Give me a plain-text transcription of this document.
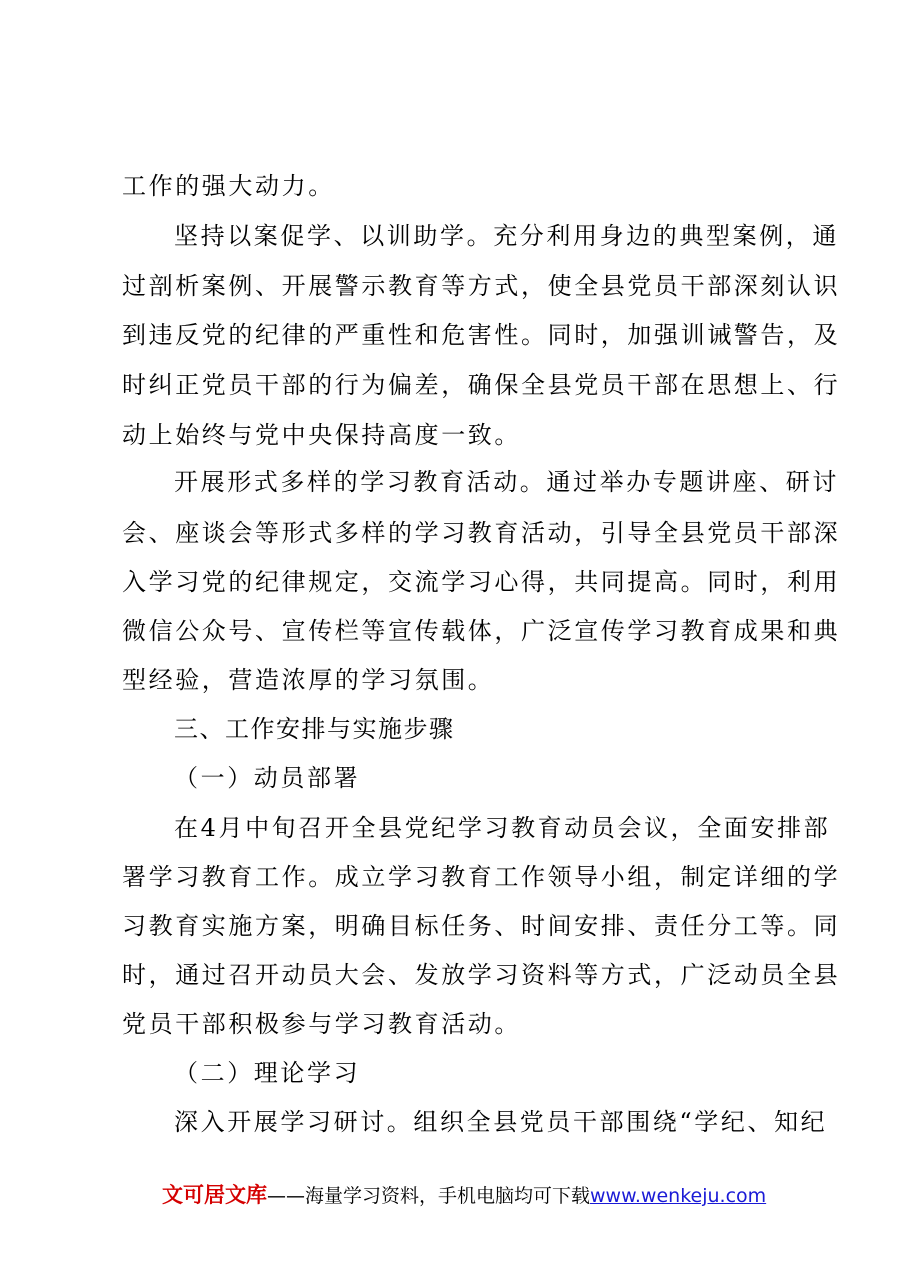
工作的强大动力。
坚持以案促学、以训助学。充分利用身边的典型案例，通
过剖析案例、开展警示教育等方式，使全县党员干部深刻认识
到违反党的纪律的严重性和危害性。同时，加强训诫警告，及
时纠正党员干部的行为偏差，确保全县党员干部在思想上、行
动上始终与党中央保持高度一致。
开展形式多样的学习教育活动。通过举办专题讲座、研讨
会、座谈会等形式多样的学习教育活动，引导全县党员干部深
入学习党的纪律规定，交流学习心得，共同提高。同时，利用
微信公众号、宣传栏等宣传载体，广泛宣传学习教育成果和典
型经验，营造浓厚的学习氛围。
三、工作安排与实施步骤
（一）动员部署
在4月中旬召开全县党纪学习教育动员会议，全面安排部
署学习教育工作。成立学习教育工作领导小组，制定详细的学
习教育实施方案，明确目标任务、时间安排、责任分工等。同
时，通过召开动员大会、发放学习资料等方式，广泛动员全县
党员干部积极参与学习教育活动。
（二）理论学习
深入开展学习研讨。组织全县党员干部围绕“学纪、知纪
文可居文库——海量学习资料，手机电脑均可下载www.wenkeju.com
